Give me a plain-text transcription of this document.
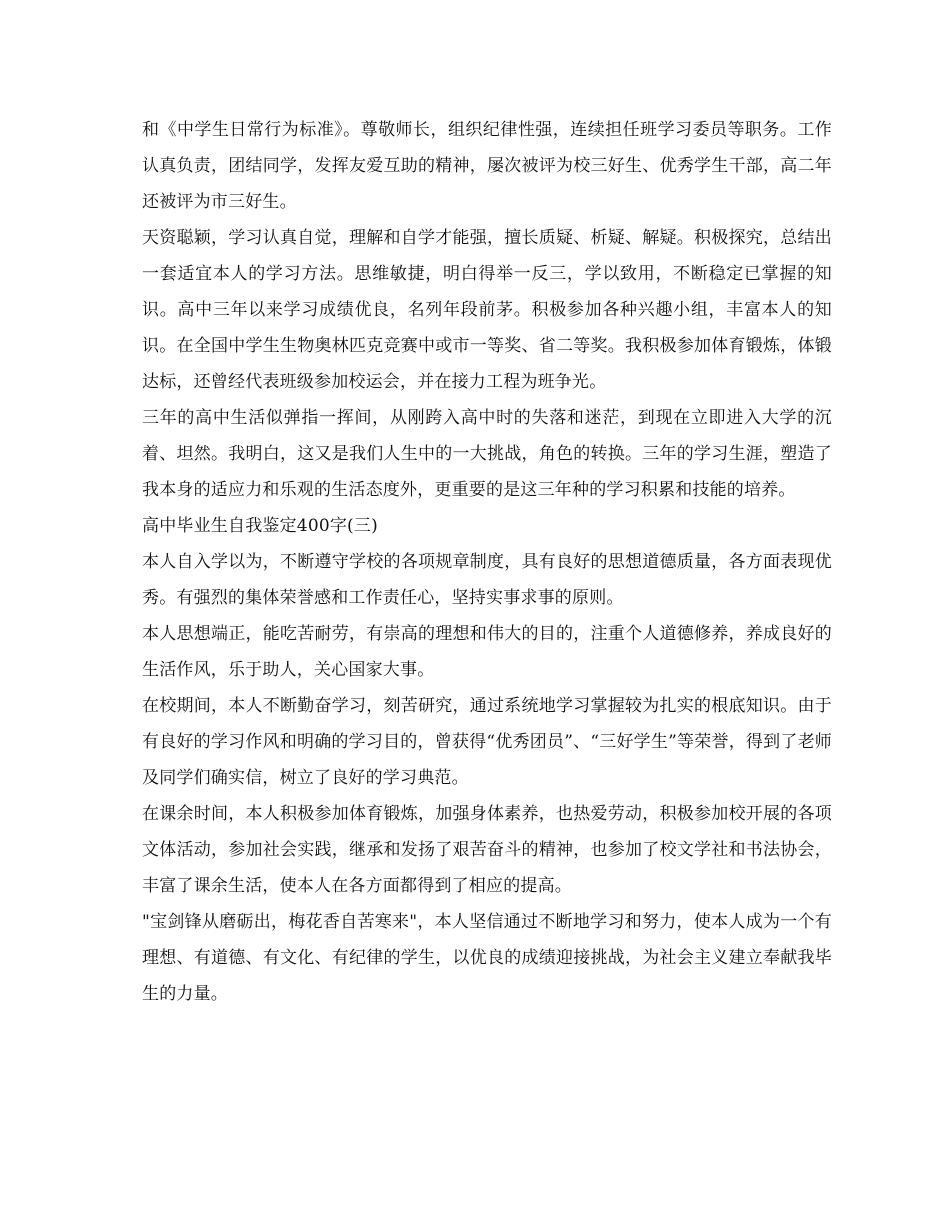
和《中学生日常行为标准》。尊敬师长，组织纪律性强，连续担任班学习委员等职务。工作认真负责，团结同学，发挥友爱互助的精神，屡次被评为校三好生、优秀学生干部，高二年还被评为市三好生。

天资聪颖，学习认真自觉，理解和自学才能强，擅长质疑、析疑、解疑。积极探究，总结出一套适宜本人的学习方法。思维敏捷，明白得举一反三，学以致用，不断稳定已掌握的知识。高中三年以来学习成绩优良，名列年段前茅。积极参加各种兴趣小组，丰富本人的知识。在全国中学生生物奥林匹克竞赛中或市一等奖、省二等奖。我积极参加体育锻炼，体锻达标，还曾经代表班级参加校运会，并在接力工程为班争光。

三年的高中生活似弹指一挥间，从刚跨入高中时的失落和迷茫，到现在立即进入大学的沉着、坦然。我明白，这又是我们人生中的一大挑战，角色的转换。三年的学习生涯，塑造了我本身的适应力和乐观的生活态度外，更重要的是这三年种的学习积累和技能的培养。

高中毕业生自我鉴定400字(三)

本人自入学以为，不断遵守学校的各项规章制度，具有良好的思想道德质量，各方面表现优秀。有强烈的集体荣誉感和工作责任心，坚持实事求事的原则。

本人思想端正，能吃苦耐劳，有崇高的理想和伟大的目的，注重个人道德修养，养成良好的生活作风，乐于助人，关心国家大事。

在校期间，本人不断勤奋学习，刻苦研究，通过系统地学习掌握较为扎实的根底知识。由于有良好的学习作风和明确的学习目的，曾获得“优秀团员”、“三好学生”等荣誉，得到了老师及同学们确实信，树立了良好的学习典范。

在课余时间，本人积极参加体育锻炼，加强身体素养，也热爱劳动，积极参加校开展的各项文体活动，参加社会实践，继承和发扬了艰苦奋斗的精神，也参加了校文学社和书法协会，丰富了课余生活，使本人在各方面都得到了相应的提高。

"宝剑锋从磨砺出，梅花香自苦寒来"，本人坚信通过不断地学习和努力，使本人成为一个有理想、有道德、有文化、有纪律的学生，以优良的成绩迎接挑战，为社会主义建立奉献我毕生的力量。
